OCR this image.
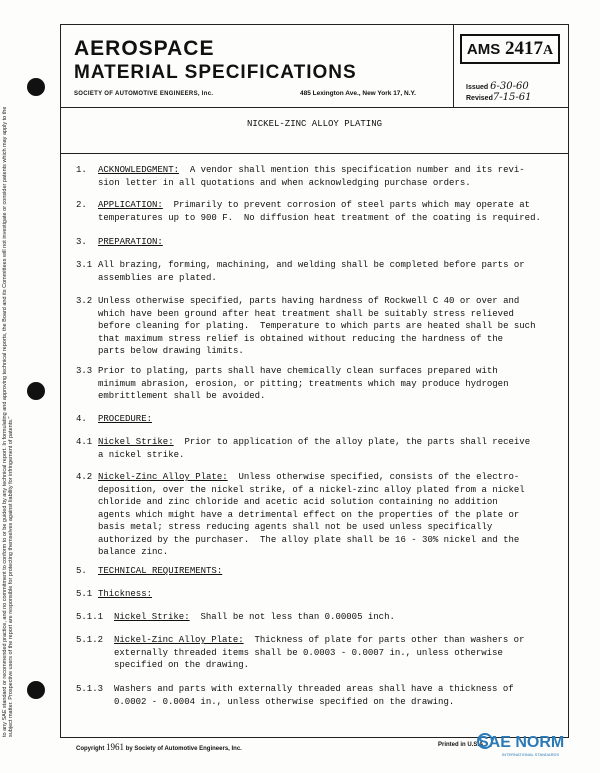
to any SAE standard or recommended practice, and no commitment to conform to or be guided by any technical report. In formulating and approving technical reports, the Board and its Committees will not investigate or consider patents which may apply to the subject matter. Prospective users of the report are responsible for protecting themselves against liability for infringement of patents."
AEROSPACE
MATERIAL SPECIFICATIONS
SOCIETY OF AUTOMOTIVE ENGINEERS, Inc.	485 Lexington Ave., New York 17, N.Y.
AMS 2417A
Issued 6-30-60
Revised7-15-61
NICKEL-ZINC ALLOY PLATING
1. ACKNOWLEDGMENT: A vendor shall mention this specification number and its revi-
sion letter in all quotations and when acknowledging purchase orders.
2. APPLICATION: Primarily to prevent corrosion of steel parts which may operate at
temperatures up to 900 F.  No diffusion heat treatment of the coating is required.
3. PREPARATION:
3.1 All brazing, forming, machining, and welding shall be completed before parts or
assemblies are plated.
3.2 Unless otherwise specified, parts having hardness of Rockwell C 40 or over and
which have been ground after heat treatment shall be suitably stress relieved
before cleaning for plating.  Temperature to which parts are heated shall be such
that maximum stress relief is obtained without reducing the hardness of the
parts below drawing limits.
3.3 Prior to plating, parts shall have chemically clean surfaces prepared with
minimum abrasion, erosion, or pitting; treatments which may produce hydrogen
embrittlement shall be avoided.
4. PROCEDURE:
4.1 Nickel Strike: Prior to application of the alloy plate, the parts shall receive
a nickel strike.
4.2 Nickel-Zinc Alloy Plate: Unless otherwise specified, consists of the electro-
deposition, over the nickel strike, of a nickel-zinc alloy plated from a nickel
chloride and zinc chloride and acetic acid solution containing no addition
agents which might have a detrimental effect on the properties of the plate or
basis metal; stress reducing agents shall not be used unless specifically
authorized by the purchaser.  The alloy plate shall be 16 - 30% nickel and the
balance zinc.
5. TECHNICAL REQUIREMENTS:
5.1 Thickness:
5.1.1 Nickel Strike: Shall be not less than 0.00005 inch.
5.1.2 Nickel-Zinc Alloy Plate: Thickness of plate for parts other than washers or
externally threaded items shall be 0.0003 - 0.0007 in., unless otherwise
specified on the drawing.
5.1.3 Washers and parts with externally threaded areas shall have a thickness of
0.0002 - 0.0004 in., unless otherwise specified on the drawing.
Copyright 1961 by Society of Automotive Engineers, Inc.
Printed in U.S.A.
SAE NORM
INTERNATIONAL STANDARDS
